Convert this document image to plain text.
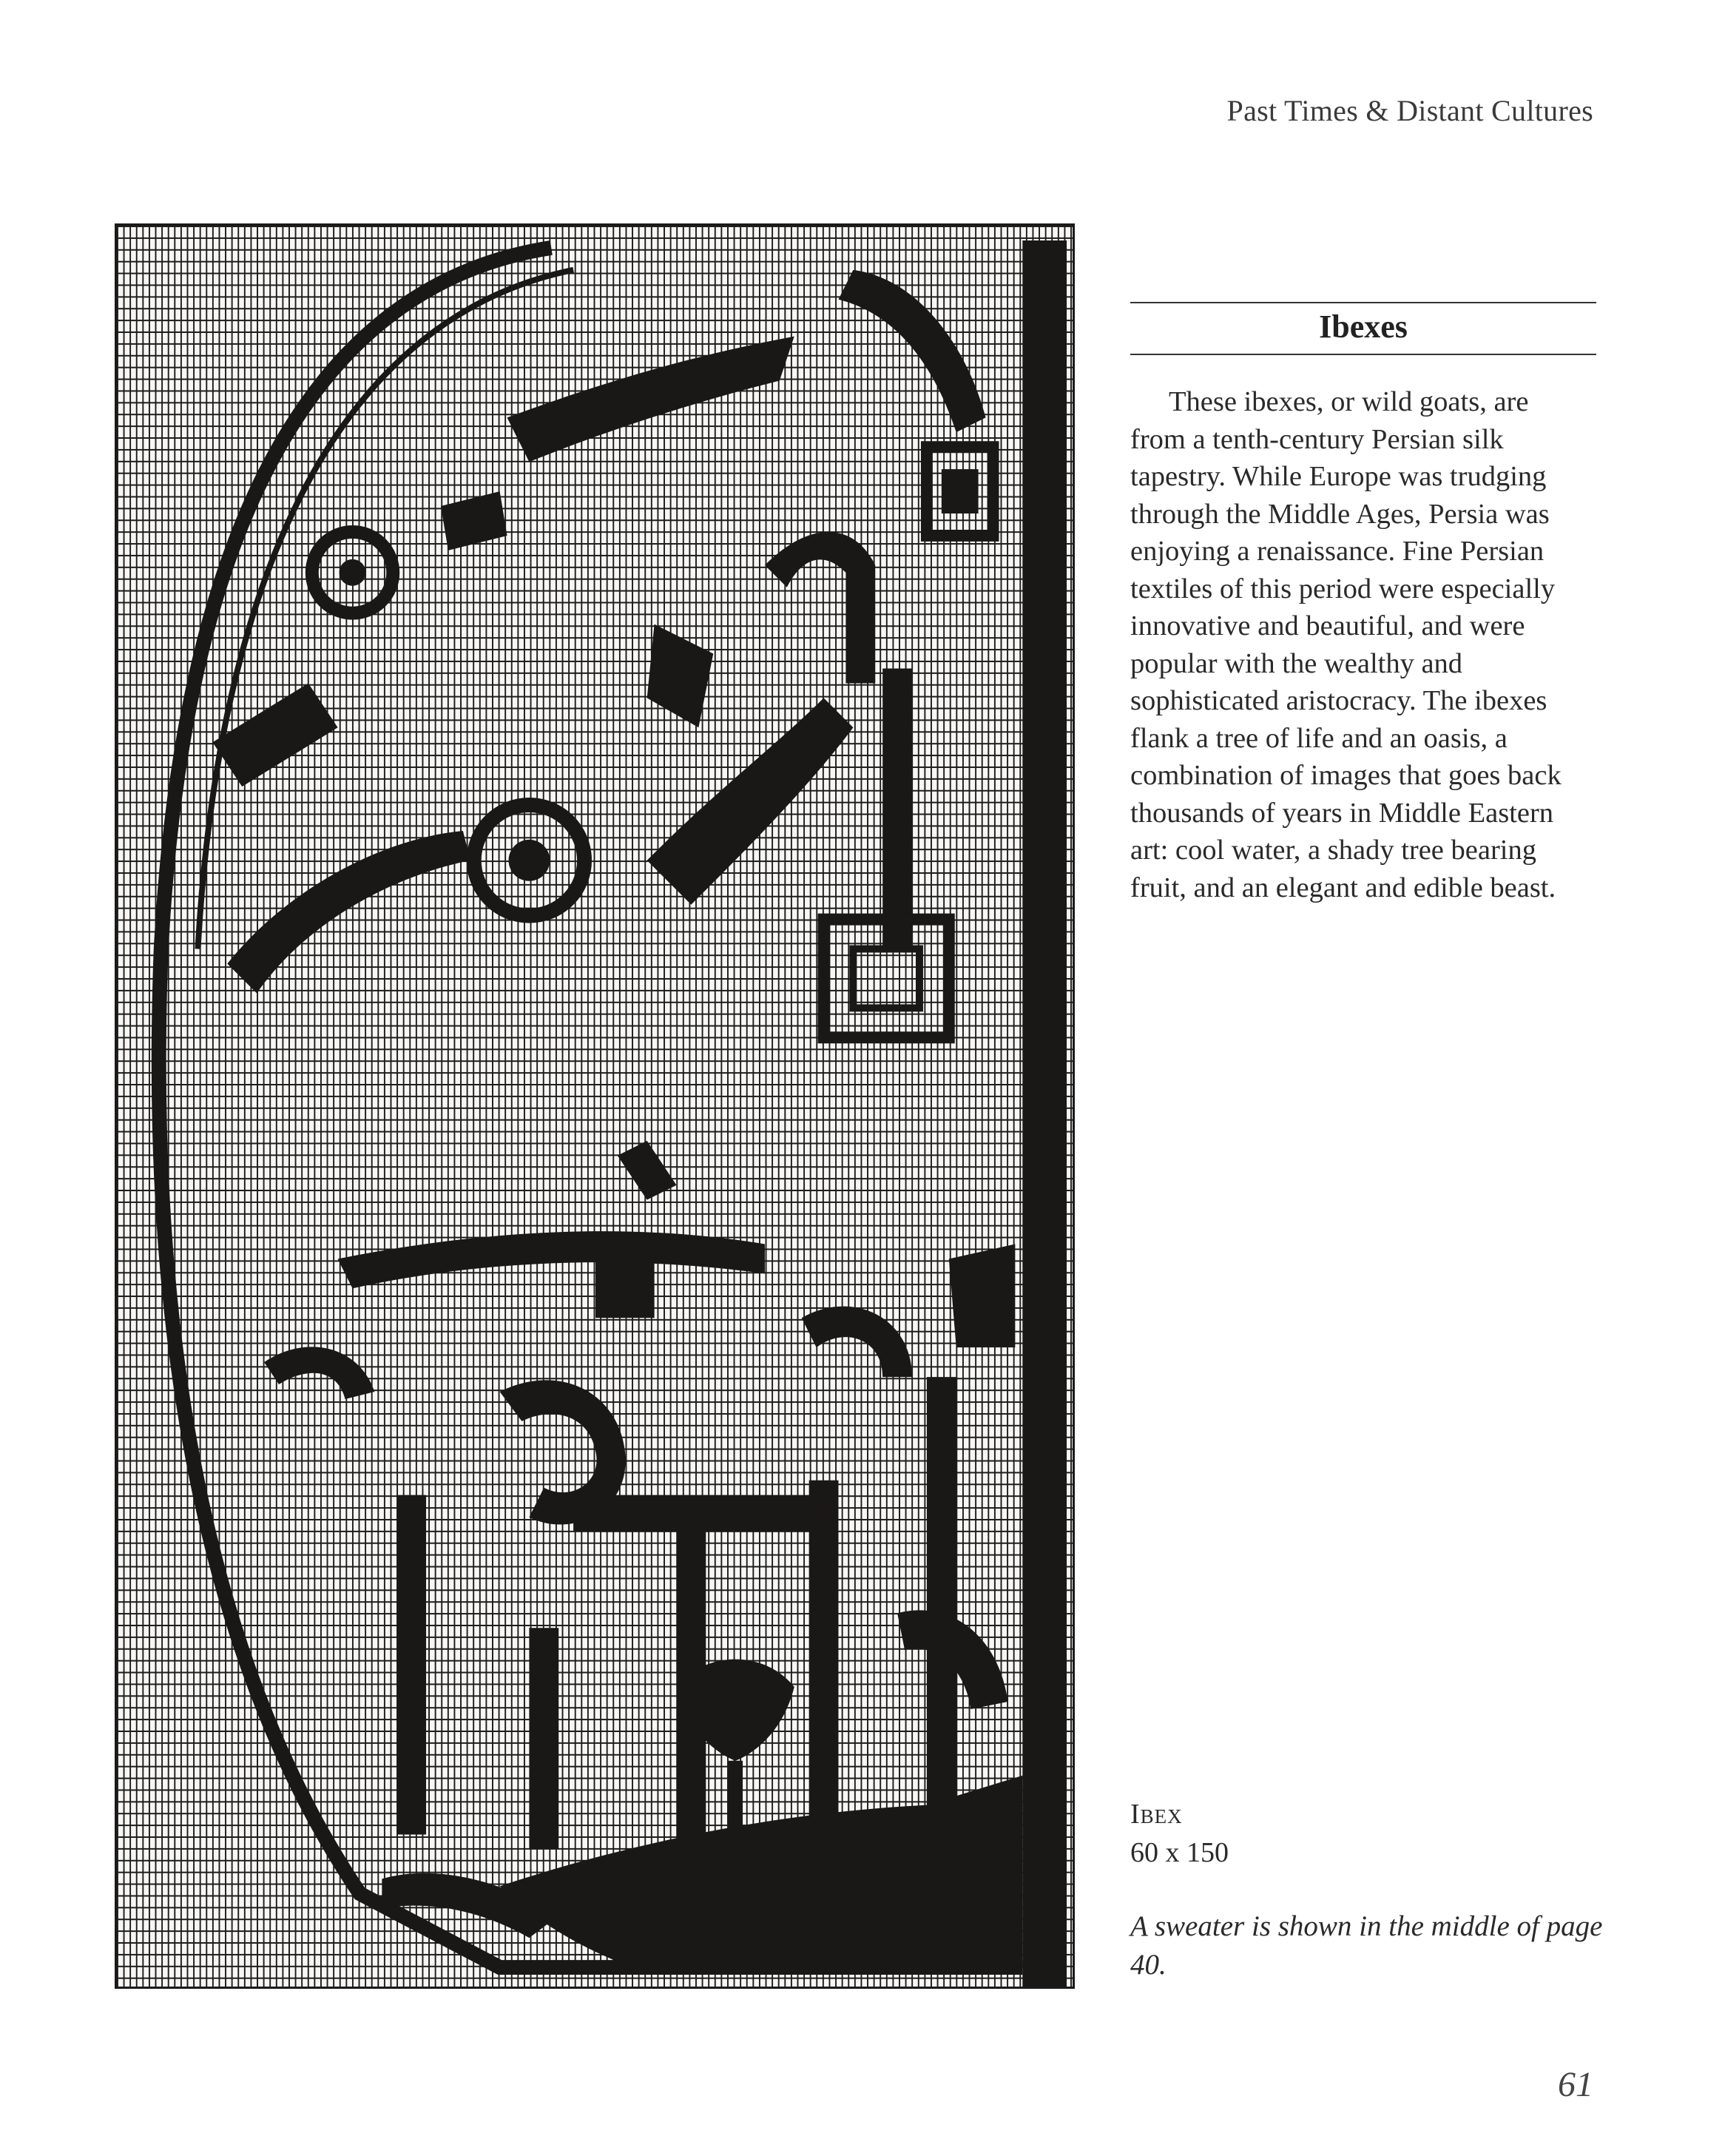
Past Times & Distant Cultures
Ibexes

These ibexes, or wild goats, are from a tenth-century Persian silk tapestry. While Europe was trudging through the Middle Ages, Persia was enjoying a renaissance. Fine Persian textiles of this period were especially innovative and beautiful, and were popular with the wealthy and sophisticated aristocracy. The ibexes flank a tree of life and an oasis, a combination of images that goes back thousands of years in Middle Eastern art: cool water, a shady tree bearing fruit, and an elegant and edible beast.

Ibex
60 x 150

A sweater is shown in the middle of page 40.

61
